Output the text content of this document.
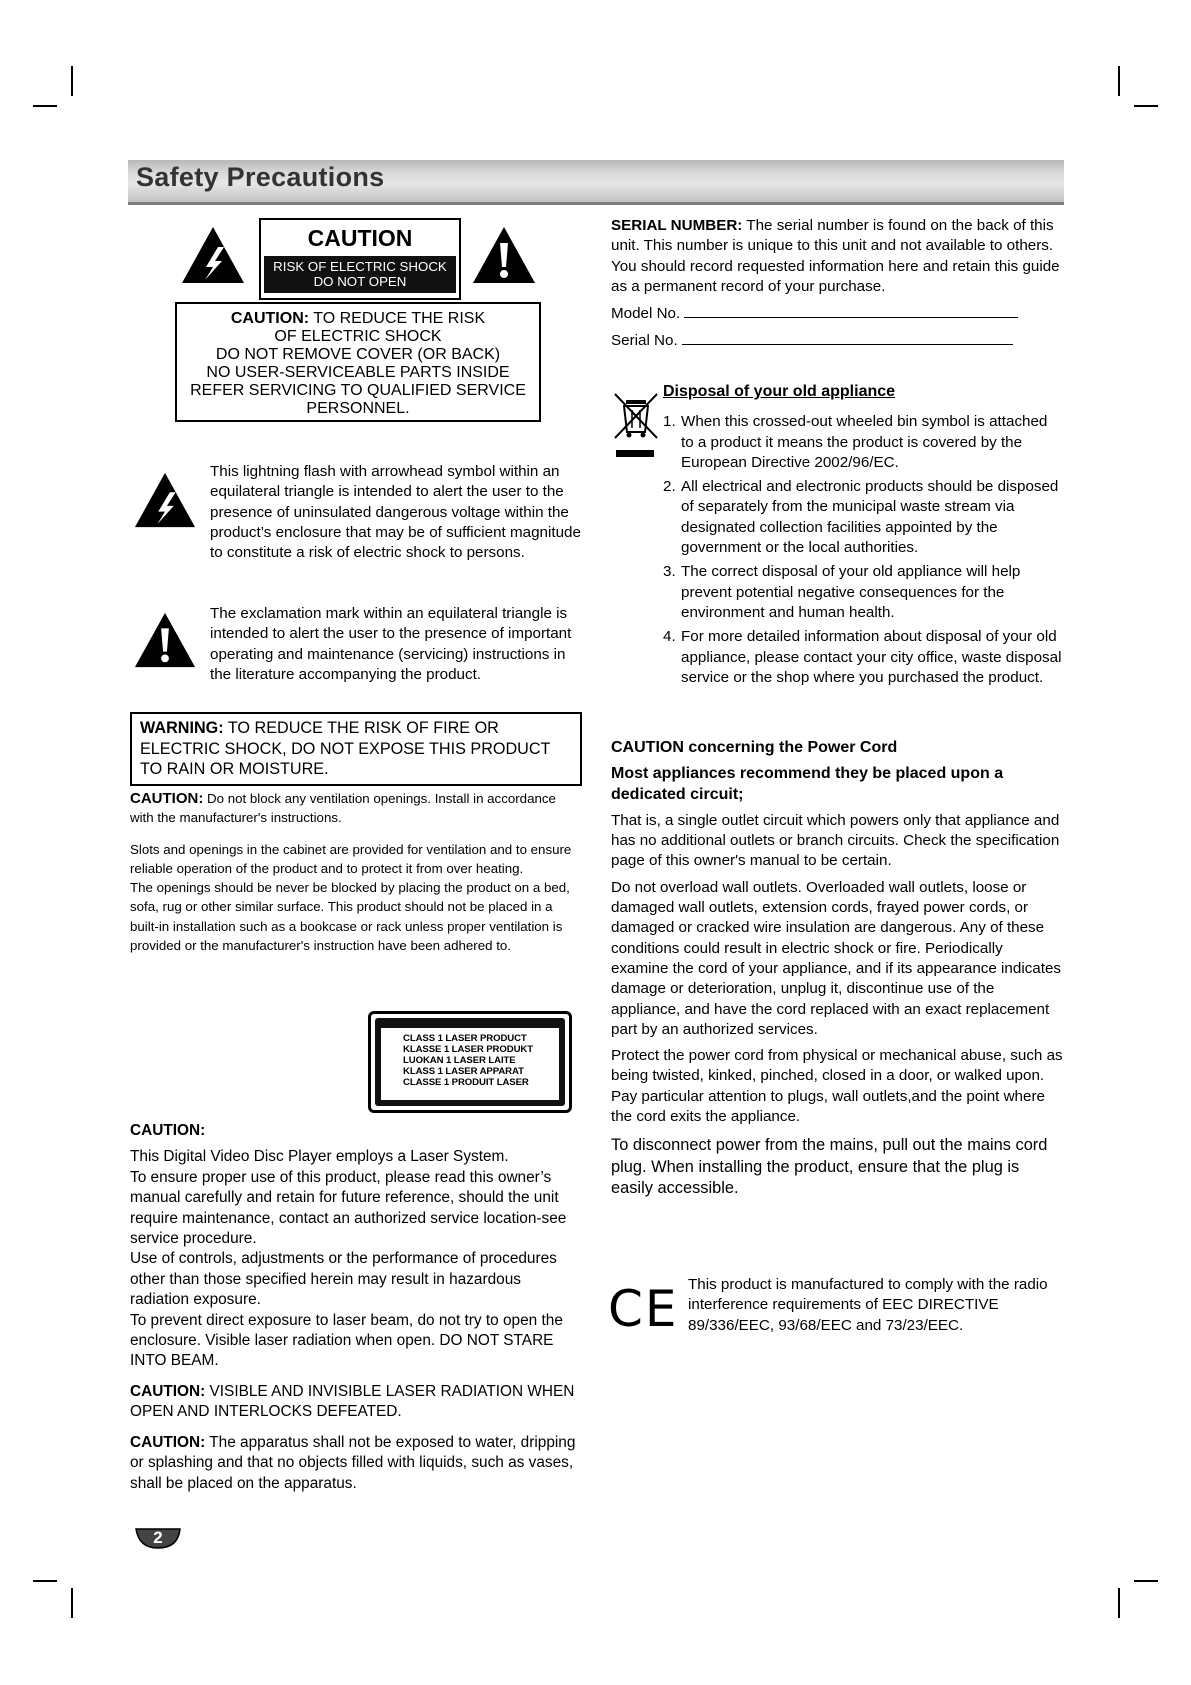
Safety Precautions
CAUTION
RISK OF ELECTRIC SHOCK
DO NOT OPEN
CAUTION: TO REDUCE THE RISK
OF ELECTRIC SHOCK
DO NOT REMOVE COVER (OR BACK)
NO USER-SERVICEABLE PARTS INSIDE
REFER SERVICING TO QUALIFIED SERVICE
PERSONNEL.

This lightning flash with arrowhead symbol within an equilateral triangle is intended to alert the user to the presence of uninsulated dangerous voltage within the product’s enclosure that may be of sufficient magnitude to constitute a risk of electric shock to persons.

The exclamation mark within an equilateral triangle is intended to alert the user to the presence of important operating and maintenance (servicing) instructions in the literature accompanying the product.

WARNING: TO REDUCE THE RISK OF FIRE OR ELECTRIC SHOCK, DO NOT EXPOSE THIS PRODUCT TO RAIN OR MOISTURE.

CAUTION: Do not block any ventilation openings. Install in accordance with the manufacturer's instructions.

Slots and openings in the cabinet are provided for ventilation and to ensure reliable operation of the product and to protect it from over heating.

The openings should be never be blocked by placing the product on a bed, sofa, rug or other similar surface. This product should not be placed in a built-in installation such as a bookcase or rack unless proper ventilation is provided or the manufacturer's instruction have been adhered to.

CLASS 1 LASER PRODUCT
KLASSE 1 LASER PRODUKT
LUOKAN 1 LASER LAITE
KLASS 1 LASER APPARAT
CLASSE 1 PRODUIT LASER

CAUTION:

This Digital Video Disc Player employs a Laser System.

To ensure proper use of this product, please read this owner’s manual carefully and retain for future reference, should the unit require maintenance, contact an authorized service location-see service procedure.

Use of controls, adjustments or the performance of procedures other than those specified herein may result in hazardous radiation exposure.

To prevent direct exposure to laser beam, do not try to open the enclosure. Visible laser radiation when open. DO NOT STARE INTO BEAM.

CAUTION: VISIBLE AND INVISIBLE LASER RADIATION WHEN OPEN AND INTERLOCKS DEFEATED.

CAUTION: The apparatus shall not be exposed to water, dripping or splashing and that no objects filled with liquids, such as vases, shall be placed on the apparatus.

2

SERIAL NUMBER: The serial number is found on the back of this unit. This number is unique to this unit and not available to others. You should record requested information here and retain this guide as a permanent record of your purchase.

Model No.

Serial No.

Disposal of your old appliance

1. When this crossed-out wheeled bin symbol is attached to a product it means the product is covered by the European Directive 2002/96/EC.
2. All electrical and electronic products should be disposed of separately from the municipal waste stream via designated collection facilities appointed by the government or the local authorities.
3. The correct disposal of your old appliance will help prevent potential negative consequences for the environment and human health.
4. For more detailed information about disposal of your old appliance, please contact your city office, waste disposal service or the shop where you purchased the product.

CAUTION concerning the Power Cord

Most appliances recommend they be placed upon a dedicated circuit;

That is, a single outlet circuit which powers only that appliance and has no additional outlets or branch circuits. Check the specification page of this owner's manual to be certain.

Do not overload wall outlets. Overloaded wall outlets, loose or damaged wall outlets, extension cords, frayed power cords, or damaged or cracked wire insulation are dangerous. Any of these conditions could result in electric shock or fire. Periodically examine the cord of your appliance, and if its appearance indicates damage or deterioration, unplug it, discontinue use of the appliance, and have the cord replaced with an exact replacement part by an authorized services.

Protect the power cord from physical or mechanical abuse, such as being twisted, kinked, pinched, closed in a door, or walked upon. Pay particular attention to plugs, wall outlets,and the point where the cord exits the appliance.

To disconnect power from the mains, pull out the mains cord plug. When installing the product, ensure that the plug is easily accessible.

CE This product is manufactured to comply with the radio interference requirements of EEC DIRECTIVE 89/336/EEC, 93/68/EEC and 73/23/EEC.
